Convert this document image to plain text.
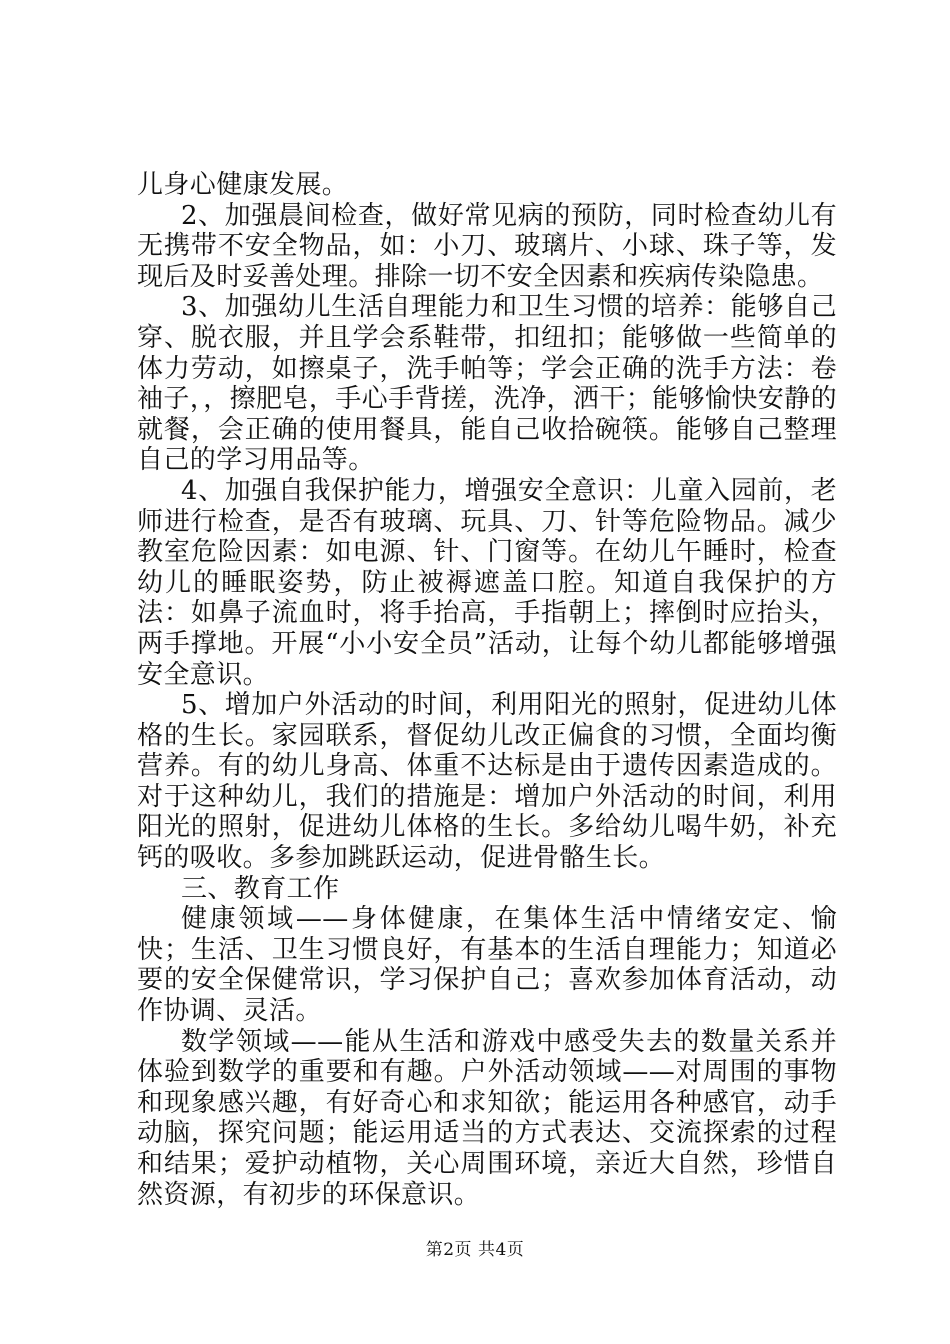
儿身心健康发展。

2、加强晨间检查，做好常见病的预防，同时检查幼儿有无携带不安全物品，如：小刀、玻璃片、小球、珠子等，发现后及时妥善处理。排除一切不安全因素和疾病传染隐患。

3、加强幼儿生活自理能力和卫生习惯的培养：能够自己穿、脱衣服，并且学会系鞋带，扣纽扣；能够做一些简单的体力劳动，如擦桌子，洗手帕等；学会正确的洗手方法：卷袖子，，擦肥皂，手心手背搓，洗净，洒干；能够愉快安静的就餐，会正确的使用餐具，能自己收拾碗筷。能够自己整理自己的学习用品等。

4、加强自我保护能力，增强安全意识：儿童入园前，老师进行检查，是否有玻璃、玩具、刀、针等危险物品。减少教室危险因素：如电源、针、门窗等。在幼儿午睡时，检查幼儿的睡眠姿势，防止被褥遮盖口腔。知道自我保护的方法：如鼻子流血时，将手抬高，手指朝上；摔倒时应抬头，两手撑地。开展“小小安全员”活动，让每个幼儿都能够增强安全意识。

5、增加户外活动的时间，利用阳光的照射，促进幼儿体格的生长。家园联系，督促幼儿改正偏食的习惯，全面均衡营养。有的幼儿身高、体重不达标是由于遗传因素造成的。对于这种幼儿，我们的措施是：增加户外活动的时间，利用阳光的照射，促进幼儿体格的生长。多给幼儿喝牛奶，补充钙的吸收。多参加跳跃运动，促进骨骼生长。

三、教育工作

健康领域——身体健康，在集体生活中情绪安定、愉快；生活、卫生习惯良好，有基本的生活自理能力；知道必要的安全保健常识，学习保护自己；喜欢参加体育活动，动作协调、灵活。

数学领域——能从生活和游戏中感受失去的数量关系并体验到数学的重要和有趣。户外活动领域——对周围的事物和现象感兴趣，有好奇心和求知欲；能运用各种感官，动手动脑，探究问题；能运用适当的方式表达、交流探索的过程和结果；爱护动植物，关心周围环境，亲近大自然，珍惜自然资源，有初步的环保意识。

第2页 共4页
